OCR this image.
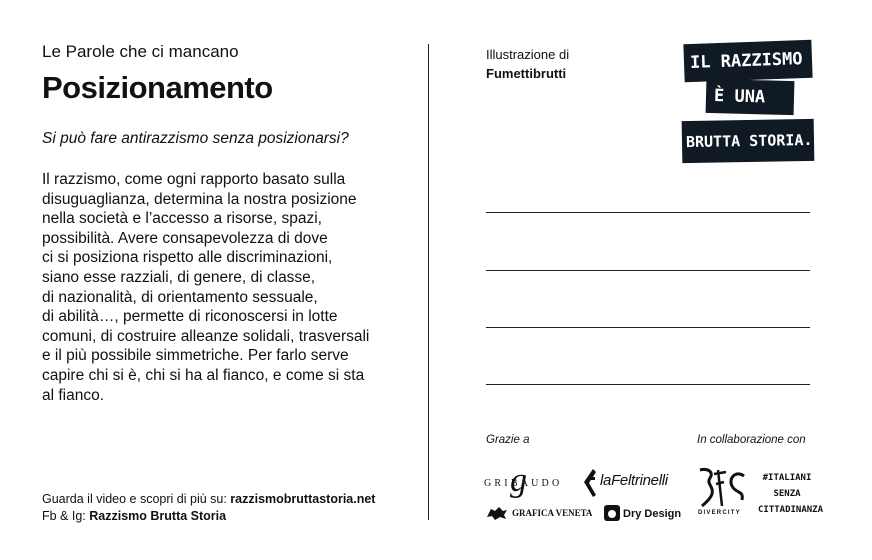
Le Parole che ci mancano
Posizionamento
Si può fare antirazzismo senza posizionarsi?
Il razzismo, come ogni rapporto basato sulla
disuguaglianza, determina la nostra posizione
nella società e l’accesso a risorse, spazi,
possibilità. Avere consapevolezza di dove
ci si posiziona rispetto alle discriminazioni,
siano esse razziali, di genere, di classe,
di nazionalità, di orientamento sessuale,
di abilità…, permette di riconoscersi in lotte
comuni, di costruire alleanze solidali, trasversali
e il più possibile simmetriche. Per farlo serve
capire chi si è, chi si ha al fianco, e come si sta
al fianco.
Guarda il video e scopri di più su: razzismobruttastoria.net
Fb & Ig: Razzismo Brutta Storia
Illustrazione di
Fumettibrutti
IL RAZZISMO
È UNA
BRUTTA STORIA.
Grazie a	In collaborazione con
GRIBAUDO
g	laFeltrinelli
GRAFICA VENETA	Dry Design	DIVERCITY
#ITALIANI
SENZA
CITTADINANZA
